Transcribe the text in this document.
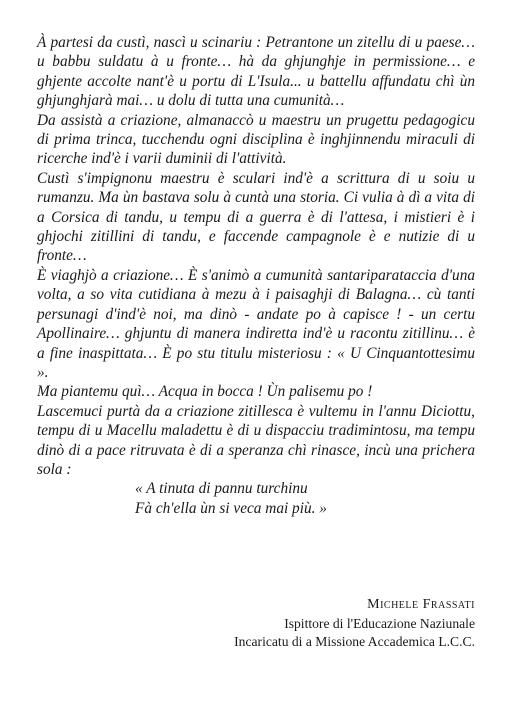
À partesi da custì, nascì u scinariu : Petrantone un zitellu di u paese… u babbu suldatu à u fronte… hà da ghjunghje in permissione… e ghjente accolte nant'è u portu di L'Isula... u battellu affundatu chì ùn ghjunghjarà mai… u dolu di tutta una cumunità…

Da assistà a criazione, almanaccò u maestru un prugettu pedagogicu di prima trinca, tucchendu ogni disciplina è inghjinnendu miraculi di ricerche ind'è i varii duminii di l'attività.

Custì s'impignonu maestru è sculari ind'è a scrittura di u soiu u rumanzu. Ma ùn bastava solu à cuntà una storia. Ci vulia à dì a vita di a Corsica di tandu, u tempu di a guerra è di l'attesa, i mistieri è i ghjochi zitillini di tandu, e faccende campagnole è e nutizie di u fronte…

È viaghjò a criazione… È s'animò a cumunità santariparataccia d'una volta, a so vita cutidiana à mezu à i paisaghji di Balagna… cù tanti persunagi d'ind'è noi, ma dinò - andate po à capisce ! - un certu Apollinaire… ghjuntu di manera indiretta ind'è u racontu zitillinu… è a fine inaspittata… È po stu titulu misteriosu : « U Cinquantottesimu ».

Ma piantemu quì… Acqua in bocca ! Ùn palisemu po !

Lascemuci purtà da a criazione zitillesca è vultemu in l'annu Diciottu, tempu di u Macellu maladettu è di u dispacciu tradimintosu, ma tempu dinò di a pace ritruvata è di a speranza chì rinasce, incù una prichera sola :

« A tinuta di pannu turchinu
Fà ch'ella ùn si veca mai più. »
Michele Frassati
Ispittore di l'Educazione Naziunale
Incaricatu di a Missione Accademica L.C.C.
